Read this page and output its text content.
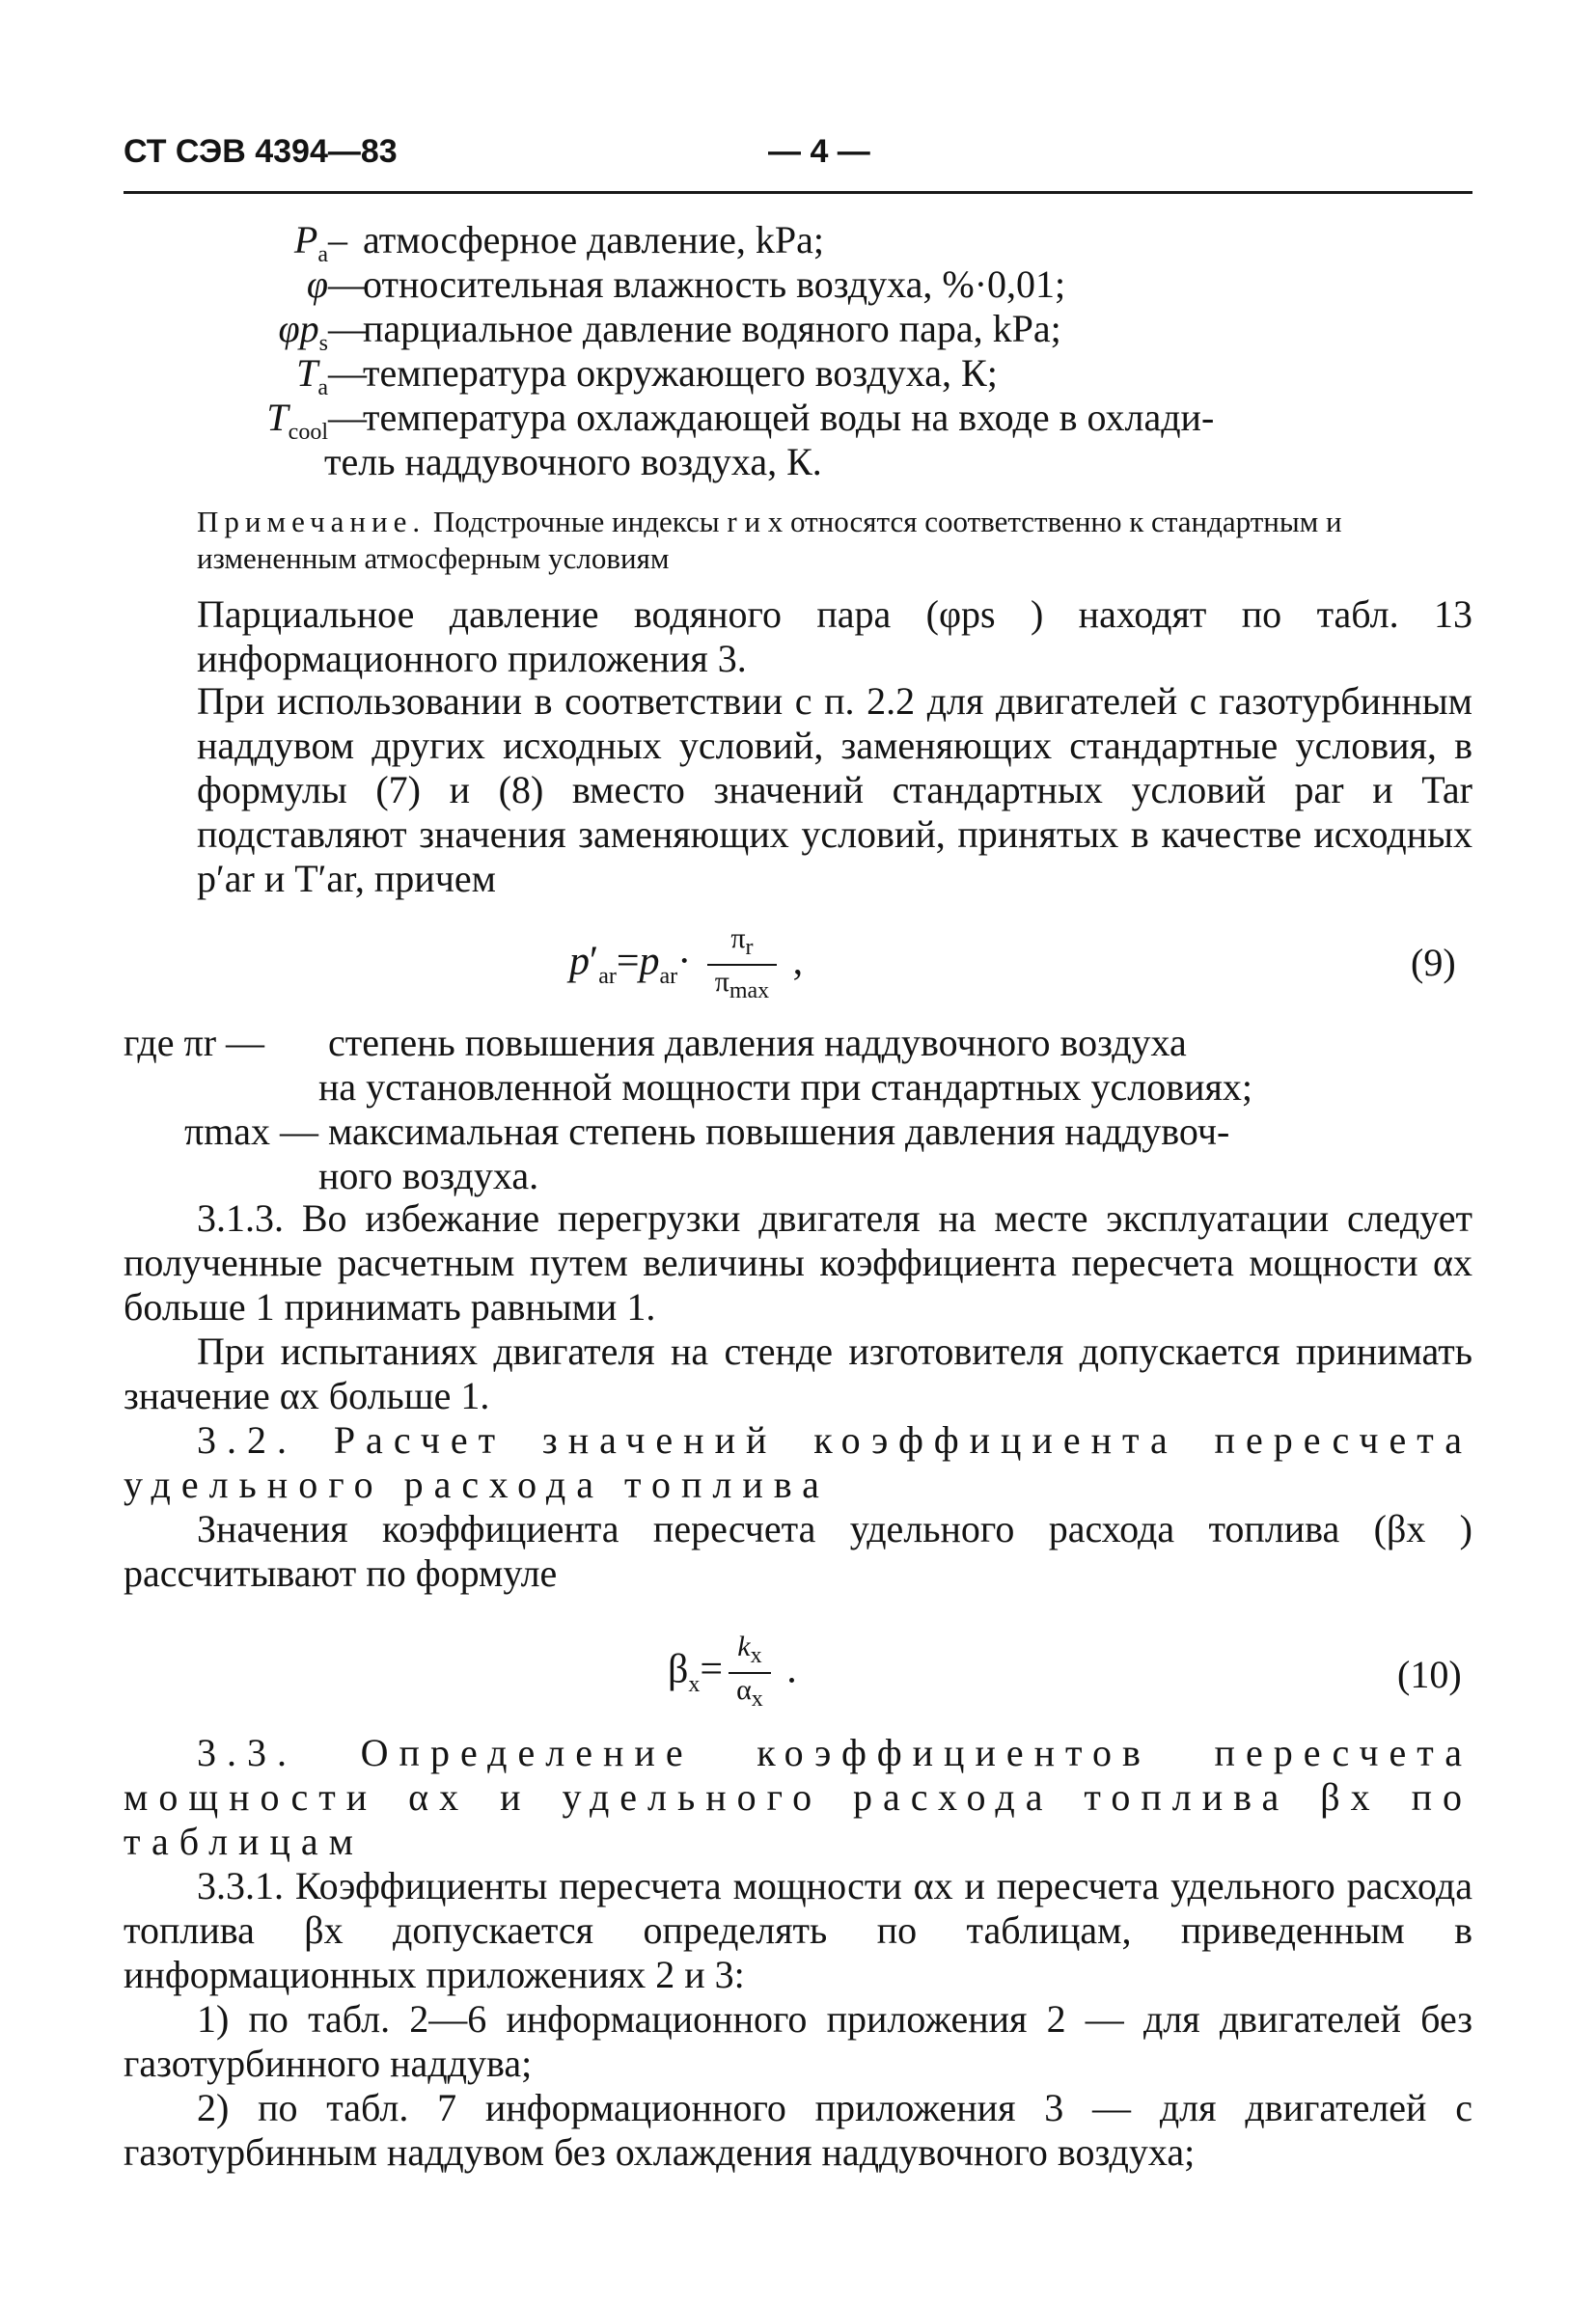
СТ СЭВ 4394—83	— 4 —
$P_a-$ атмосферное давление, kPa;
φ— относительная влажность воздуха, %·0,01;
$\varphi p_s—$ парциальное давление водяного пара, kPa;
$T_a—$ температура окружающего воздуха, К;
$T_{cool}—$ температура охлаждающей воды на входе в охлади-
тель наддувочного воздуха, К.
Примечание. Подстрочные индексы r и x относятся соответственно к стандартным и измененным атмосферным условиям
Парциальное давление водяного пара (φps ) находят по табл. 13 информационного приложения 3.
При использовании в соответствии с п. 2.2 для двигателей с газотурбинным наддувом других исходных условий, заменяющих стандартные условия, в формулы (7) и (8) вместо значений стандартных условий par и Tar подставляют значения заменяющих условий, принятых в качестве исходных p′ar и T′ar, причем
$p'_{ar}=p_{ar}\cdot \frac{\pi_r}{\pi_{max}}$ ,	(9)
где πr — степень повышения давления наддувочного воздуха
на установленной мощности при стандартных условиях;
πmax — максимальная степень повышения давления наддувоч-
ного воздуха.
3.1.3. Во избежание перегрузки двигателя на месте эксплуатации следует полученные расчетным путем величины коэффициента пересчета мощности αx больше 1 принимать равными 1.
При испытаниях двигателя на стенде изготовителя допускается принимать значение αx больше 1.
3.2. Расчет значений коэффициента пересчета удельного расхода топлива
Значения коэффициента пересчета удельного расхода топлива (βx ) рассчитывают по формуле
$\beta_x= \frac{k_x}{\alpha_x}$ .	(10)
3.3. Определение коэффициентов пересчета мощности αx и удельного расхода топлива βx по таблицам
3.3.1. Коэффициенты пересчета мощности αx и пересчета удельного расхода топлива βx допускается определять по таблицам, приведенным в информационных приложениях 2 и 3:
1) по табл. 2—6 информационного приложения 2 — для двигателей без газотурбинного наддува;
2) по табл. 7 информационного приложения 3 — для двигателей с газотурбинным наддувом без охлаждения наддувочного воздуха;
